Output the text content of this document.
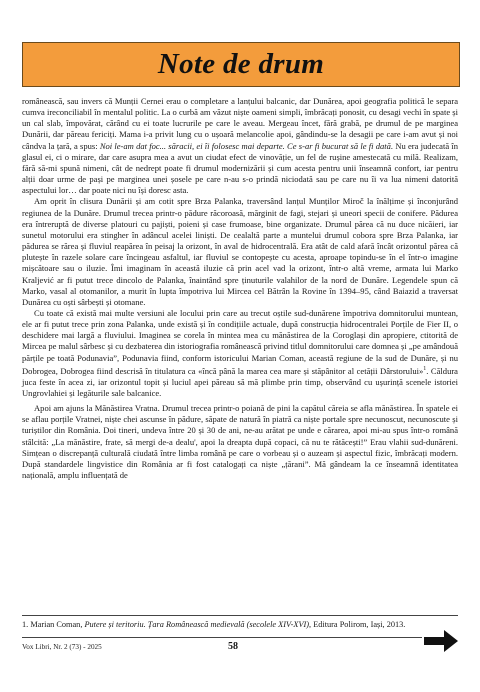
Note de drum

românească, sau invers că Munții Cernei erau o completare a lanțului balcanic, dar Dunărea, apoi geografia politică le separa cumva ireconciliabil în mentalul politic. La o curbă am văzut niște oameni simpli, îmbrăcați ponosit, cu desagi vechi în spate și un cal slab, împovărat, cărând cu ei toate lucrurile pe care le aveau. Mergeau încet, fără grabă, pe drumul de pe marginea Dunării, dar păreau fericiți. Mama i-a privit lung cu o ușoară melancolie apoi, gândindu-se la desagii pe care i-am avut și noi cândva la țară, a spus: Noi le-am dat foc... săracii, ei îi folosesc mai departe. Ce s-ar fi bucurat să le fi dată. Nu era judecată în glasul ei, ci o mirare, dar care asupra mea a avut un ciudat efect de vinovăție, un fel de rușine amestecată cu milă. Realizam, fără să-mi spună nimeni, cât de nedrept poate fi drumul modernizării și cum acesta pentru unii înseamnă confort, iar pentru alții doar urme de pași pe marginea unei șosele pe care n-au s-o prindă niciodată sau pe care nu îi va lua nimeni datorită aspectului lor… dar poate nici nu își doresc asta.

Am oprit în clisura Dunării și am cotit spre Brza Palanka, traversând lanțul Munților Miroč la înălțime și înconjurând regiunea de la Dunăre. Drumul trecea printr-o pădure răcoroasă, mărginit de fagi, stejari și uneori specii de conifere. Pădurea era întreruptă de diverse platouri cu pajiști, poieni și case frumoase, bine organizate. Drumul părea că nu duce nicăieri, iar sunetul motorului era stingher în adâncul acelei liniști. De cealaltă parte a muntelui drumul cobora spre Brza Palanka, iar pădurea se rărea și fluviul reapărea în peisaj la orizont, în aval de hidrocentrală. Era atât de cald afară încât orizontul părea că plutește în razele solare care încingeau asfaltul, iar fluviul se contopește cu acesta, aproape topindu-se în el într-o imagine mișcătoare sau o iluzie. Îmi imaginam în această iluzie că prin acel vad la orizont, într-o altă vreme, armata lui Marko Kraljević ar fi putut trece dincolo de Palanka, înaintând spre ținuturile valahilor de la nord de Dunăre. Legendele spun că Marko, vasal al otomanilor, a murit în lupta împotriva lui Mircea cel Bătrân la Rovine în 1394–95, când Baiazid a traversat Dunărea cu oști sârbești și otomane.

Cu toate că există mai multe versiuni ale locului prin care au trecut oștile sud-dunărene împotriva domnitorului muntean, ele ar fi putut trece prin zona Palanka, unde există și în condițiile actuale, după construcția hidrocentralei Porțile de Fier II, o deschidere mai largă a fluviului. Imaginea se corela în mintea mea cu mănăstirea de la Coroglași din apropiere, ctitorită de Mircea pe malul sârbesc și cu dezbaterea din istoriografia românească privind titlul domnitorului care domnea și „pe amândouă părțile pe toată Podunavia”, Podunavia fiind, conform istoricului Marian Coman, această regiune de la sud de Dunăre, și nu Dobrogea, Dobrogea fiind descrisă în titulatura ca «încă până la marea cea mare și stăpânitor al cetății Dârstorului»$^1$. Căldura juca feste în acea zi, iar orizontul topit și luciul apei păreau să mă plimbe prin timp, observând cu ușurință scenele istoriei Ungrovlahiei și legăturile sale balcanice.

Apoi am ajuns la Mănăstirea Vratna. Drumul trecea printr-o poiană de pini la capătul căreia se afla mănăstirea. În spatele ei se aflau porțile Vratnei, niște chei ascunse în pădure, săpate de natură în piatră ca niște portale spre necunoscut, necunoscute și turiștilor din România. Doi tineri, undeva între 20 și 30 de ani, ne-au arătat pe unde e cărarea, apoi mi-au spus într-o română stâlcită: „La mănăstire, frate, să mergi de-a dealu', apoi la dreapta după copaci, că nu te rătăcești!” Erau vlahii sud-dunăreni. Simțean o discrepanță culturală ciudată între limba română pe care o vorbeau și o auzeam și aspectul fizic, îmbrăcați modern. După standardele lingvistice din România ar fi fost catalogați ca niște „țărani”. Mă gândeam la ce înseamnă identitatea națională, amplu influențată de

1. Marian Coman, Putere și teritoriu. Țara Românească medievală (secolele XIV-XVI), Editura Polirom, Iași, 2013.
Vox Libri, Nr. 2 (73) - 2025	58
